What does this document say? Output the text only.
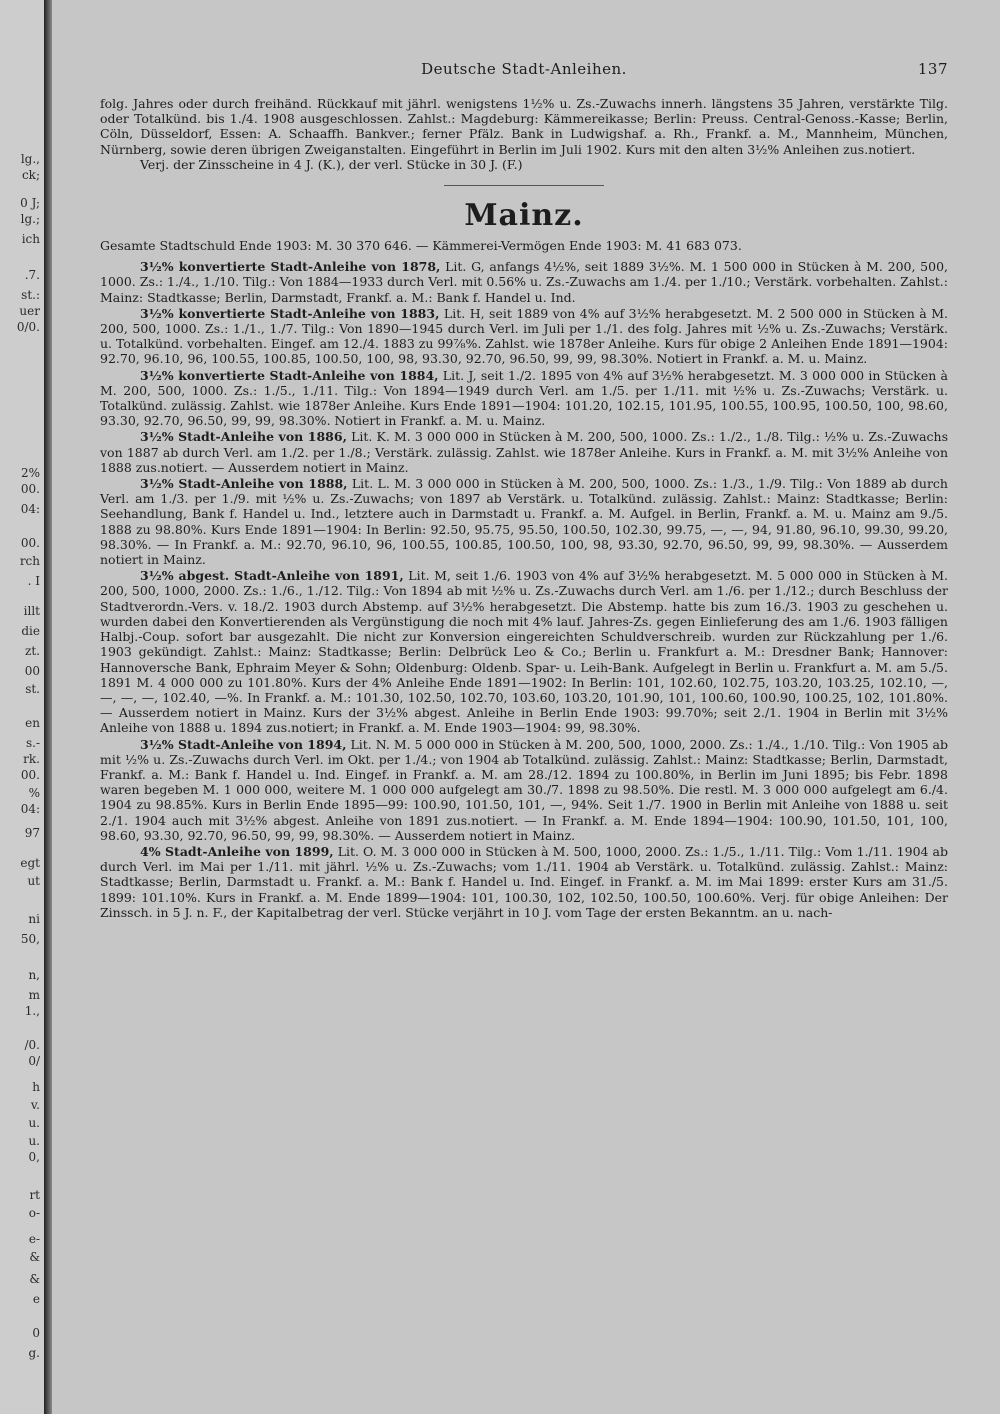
lg.,
ck;
0 J;
lg.;
ich
.7.
st.:
uer
0/0.
2%
00.
04:
00.
rch
. I
illt
die
zt.
00
st.
en
s.-
rk.
00.
%
04:
97
egt
ut
ni
50,
n,
m
1.,
/0.
0/
h
v.
u.
u.
0,
rt
o-
e-
&
&
e
0
g.
Deutsche Stadt-Anleihen.	137

folg. Jahres oder durch freihänd. Rückkauf mit jährl. wenigstens 1½% u. Zs.-Zuwachs innerh. längstens 35 Jahren, verstärkte Tilg. oder Totalkünd. bis 1./4. 1908 ausgeschlossen. Zahlst.: Magdeburg: Kämmereikasse; Berlin: Preuss. Central-Genoss.-Kasse; Berlin, Cöln, Düsseldorf, Essen: A. Schaaffh. Bankver.; ferner Pfälz. Bank in Ludwigshaf. a. Rh., Frankf. a. M., Mannheim, München, Nürnberg, sowie deren übrigen Zweiganstalten. Eingeführt in Berlin im Juli 1902. Kurs mit den alten 3½% Anleihen zus.notiert.

Verj. der Zinsscheine in 4 J. (K.), der verl. Stücke in 30 J. (F.)

Mainz.

Gesamte Stadtschuld Ende 1903: M. 30 370 646. — Kämmerei-Vermögen Ende 1903: M. 41 683 073.

3½% konvertierte Stadt-Anleihe von 1878, Lit. G, anfangs 4½%, seit 1889 3½%. M. 1 500 000 in Stücken à M. 200, 500, 1000. Zs.: 1./4., 1./10. Tilg.: Von 1884—1933 durch Verl. mit 0.56% u. Zs.-Zuwachs am 1./4. per 1./10.; Verstärk. vorbehalten. Zahlst.: Mainz: Stadtkasse; Berlin, Darmstadt, Frankf. a. M.: Bank f. Handel u. Ind.

3½% konvertierte Stadt-Anleihe von 1883, Lit. H, seit 1889 von 4% auf 3½% herabgesetzt. M. 2 500 000 in Stücken à M. 200, 500, 1000. Zs.: 1./1., 1./7. Tilg.: Von 1890—1945 durch Verl. im Juli per 1./1. des folg. Jahres mit ½% u. Zs.-Zuwachs; Verstärk. u. Totalkünd. vorbehalten. Eingef. am 12./4. 1883 zu 99⅞%. Zahlst. wie 1878er Anleihe. Kurs für obige 2 Anleihen Ende 1891—1904: 92.70, 96.10, 96, 100.55, 100.85, 100.50, 100, 98, 93.30, 92.70, 96.50, 99, 99, 98.30%. Notiert in Frankf. a. M. u. Mainz.

3½% konvertierte Stadt-Anleihe von 1884, Lit. J, seit 1./2. 1895 von 4% auf 3½% herabgesetzt. M. 3 000 000 in Stücken à M. 200, 500, 1000. Zs.: 1./5., 1./11. Tilg.: Von 1894—1949 durch Verl. am 1./5. per 1./11. mit ½% u. Zs.-Zuwachs; Verstärk. u. Totalkünd. zulässig. Zahlst. wie 1878er Anleihe. Kurs Ende 1891—1904: 101.20, 102.15, 101.95, 100.55, 100.95, 100.50, 100, 98.60, 93.30, 92.70, 96.50, 99, 99, 98.30%. Notiert in Frankf. a. M. u. Mainz.

3½% Stadt-Anleihe von 1886, Lit. K. M. 3 000 000 in Stücken à M. 200, 500, 1000. Zs.: 1./2., 1./8. Tilg.: ½% u. Zs.-Zuwachs von 1887 ab durch Verl. am 1./2. per 1./8.; Verstärk. zulässig. Zahlst. wie 1878er Anleihe. Kurs in Frankf. a. M. mit 3½% Anleihe von 1888 zus.notiert. — Ausserdem notiert in Mainz.

3½% Stadt-Anleihe von 1888, Lit. L. M. 3 000 000 in Stücken à M. 200, 500, 1000. Zs.: 1./3., 1./9. Tilg.: Von 1889 ab durch Verl. am 1./3. per 1./9. mit ½% u. Zs.-Zuwachs; von 1897 ab Verstärk. u. Totalkünd. zulässig. Zahlst.: Mainz: Stadtkasse; Berlin: Seehandlung, Bank f. Handel u. Ind., letztere auch in Darmstadt u. Frankf. a. M. Aufgel. in Berlin, Frankf. a. M. u. Mainz am 9./5. 1888 zu 98.80%. Kurs Ende 1891—1904: In Berlin: 92.50, 95.75, 95.50, 100.50, 102.30, 99.75, —, —, 94, 91.80, 96.10, 99.30, 99.20, 98.30%. — In Frankf. a. M.: 92.70, 96.10, 96, 100.55, 100.85, 100.50, 100, 98, 93.30, 92.70, 96.50, 99, 99, 98.30%. — Ausserdem notiert in Mainz.

3½% abgest. Stadt-Anleihe von 1891, Lit. M, seit 1./6. 1903 von 4% auf 3½% herabgesetzt. M. 5 000 000 in Stücken à M. 200, 500, 1000, 2000. Zs.: 1./6., 1./12. Tilg.: Von 1894 ab mit ½% u. Zs.-Zuwachs durch Verl. am 1./6. per 1./12.; durch Beschluss der Stadtverordn.-Vers. v. 18./2. 1903 durch Abstemp. auf 3½% herabgesetzt. Die Abstemp. hatte bis zum 16./3. 1903 zu geschehen u. wurden dabei den Konvertierenden als Vergünstigung die noch mit 4% lauf. Jahres-Zs. gegen Einlieferung des am 1./6. 1903 fälligen Halbj.-Coup. sofort bar ausgezahlt. Die nicht zur Konversion eingereichten Schuldverschreib. wurden zur Rückzahlung per 1./6. 1903 gekündigt. Zahlst.: Mainz: Stadtkasse; Berlin: Delbrück Leo & Co.; Berlin u. Frankfurt a. M.: Dresdner Bank; Hannover: Hannoversche Bank, Ephraim Meyer & Sohn; Oldenburg: Oldenb. Spar- u. Leih-Bank. Aufgelegt in Berlin u. Frankfurt a. M. am 5./5. 1891 M. 4 000 000 zu 101.80%. Kurs der 4% Anleihe Ende 1891—1902: In Berlin: 101, 102.60, 102.75, 103.20, 103.25, 102.10, —, —, —, —, 102.40, —%. In Frankf. a. M.: 101.30, 102.50, 102.70, 103.60, 103.20, 101.90, 101, 100.60, 100.90, 100.25, 102, 101.80%. — Ausserdem notiert in Mainz. Kurs der 3½% abgest. Anleihe in Berlin Ende 1903: 99.70%; seit 2./1. 1904 in Berlin mit 3½% Anleihe von 1888 u. 1894 zus.notiert; in Frankf. a. M. Ende 1903—1904: 99, 98.30%.

3½% Stadt-Anleihe von 1894, Lit. N. M. 5 000 000 in Stücken à M. 200, 500, 1000, 2000. Zs.: 1./4., 1./10. Tilg.: Von 1905 ab mit ½% u. Zs.-Zuwachs durch Verl. im Okt. per 1./4.; von 1904 ab Totalkünd. zulässig. Zahlst.: Mainz: Stadtkasse; Berlin, Darmstadt, Frankf. a. M.: Bank f. Handel u. Ind. Eingef. in Frankf. a. M. am 28./12. 1894 zu 100.80%, in Berlin im Juni 1895; bis Febr. 1898 waren begeben M. 1 000 000, weitere M. 1 000 000 aufgelegt am 30./7. 1898 zu 98.50%. Die restl. M. 3 000 000 aufgelegt am 6./4. 1904 zu 98.85%. Kurs in Berlin Ende 1895—99: 100.90, 101.50, 101, —, 94%. Seit 1./7. 1900 in Berlin mit Anleihe von 1888 u. seit 2./1. 1904 auch mit 3½% abgest. Anleihe von 1891 zus.notiert. — In Frankf. a. M. Ende 1894—1904: 100.90, 101.50, 101, 100, 98.60, 93.30, 92.70, 96.50, 99, 99, 98.30%. — Ausserdem notiert in Mainz.

4% Stadt-Anleihe von 1899, Lit. O. M. 3 000 000 in Stücken à M. 500, 1000, 2000. Zs.: 1./5., 1./11. Tilg.: Vom 1./11. 1904 ab durch Verl. im Mai per 1./11. mit jährl. ½% u. Zs.-Zuwachs; vom 1./11. 1904 ab Verstärk. u. Totalkünd. zulässig. Zahlst.: Mainz: Stadtkasse; Berlin, Darmstadt u. Frankf. a. M.: Bank f. Handel u. Ind. Eingef. in Frankf. a. M. im Mai 1899: erster Kurs am 31./5. 1899: 101.10%. Kurs in Frankf. a. M. Ende 1899—1904: 101, 100.30, 102, 102.50, 100.50, 100.60%. Verj. für obige Anleihen: Der Zinssch. in 5 J. n. F., der Kapitalbetrag der verl. Stücke verjährt in 10 J. vom Tage der ersten Bekanntm. an u. nach-
